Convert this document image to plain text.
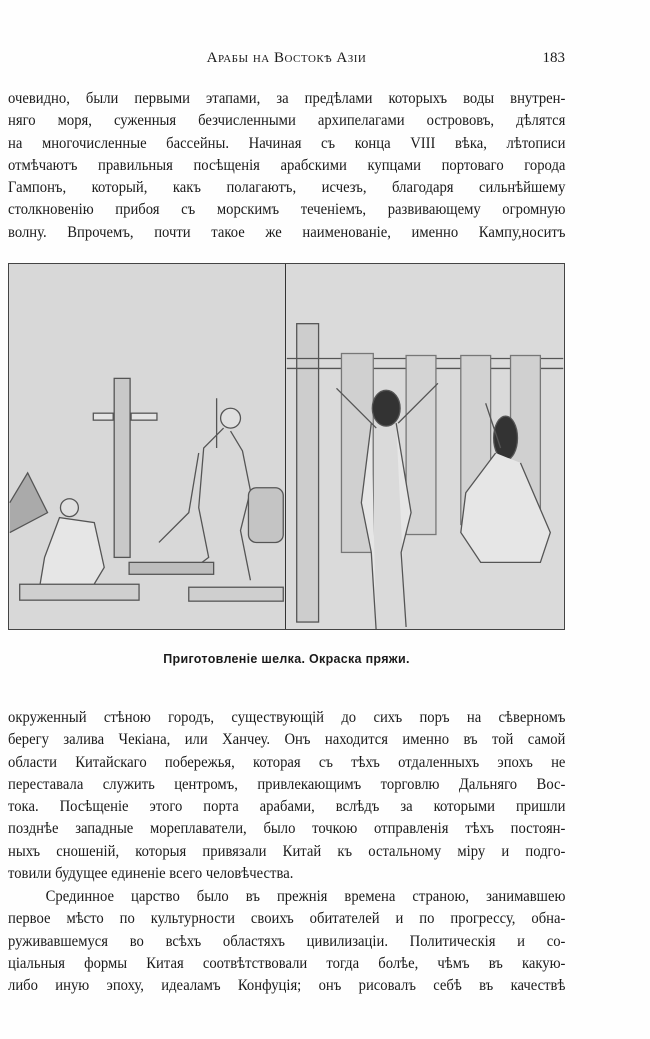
Арабы на Востокѣ Азіи	183
очевидно, были первыми этапами, за предѣлами которыхъ воды внутрен-
няго моря, суженныя безчисленными архипелагами острововъ, дѣлятся
на многочисленные бассейны. Начиная съ конца VIII вѣка, лѣтописи
отмѣчаютъ правильныя посѣщенія арабскими купцами портоваго города
Гампонъ, который, какъ полагаютъ, исчезъ, благодаря сильнѣйшему
столкновенію прибоя съ морскимъ теченіемъ, развивающему огромную
волну. Впрочемъ, почти такое же наименованіе, именно Кампу,носитъ
Приготовленіе шелка. Окраска пряжи.
окруженный стѣною городъ, существующій до сихъ поръ на сѣверномъ
берегу залива Чекіана, или Ханчеу. Онъ находится именно въ той самой
области Китайскаго побережья, которая съ тѣхъ отдаленныхъ эпохъ не
переставала служить центромъ, привлекающимъ торговлю Дальняго Вос-
тока. Посѣщеніе этого порта арабами, вслѣдъ за которыми пришли
позднѣе западные мореплаватели, было точкою отправленія тѣхъ постоян-
ныхъ сношеній, которыя привязали Китай къ остальному міру и подго-
товили будущее единеніе всего человѣчества.
Срединное царство было въ прежнія времена страною, занимавшею
первое мѣсто по культурности своихъ обитателей и по прогрессу, обна-
руживавшемуся во всѣхъ областяхъ цивилизаціи. Политическія и со-
ціальныя формы Китая соотвѣтствовали тогда болѣе, чѣмъ въ какую-
либо иную эпоху, идеаламъ Конфуція; онъ рисовалъ себѣ въ качествѣ
